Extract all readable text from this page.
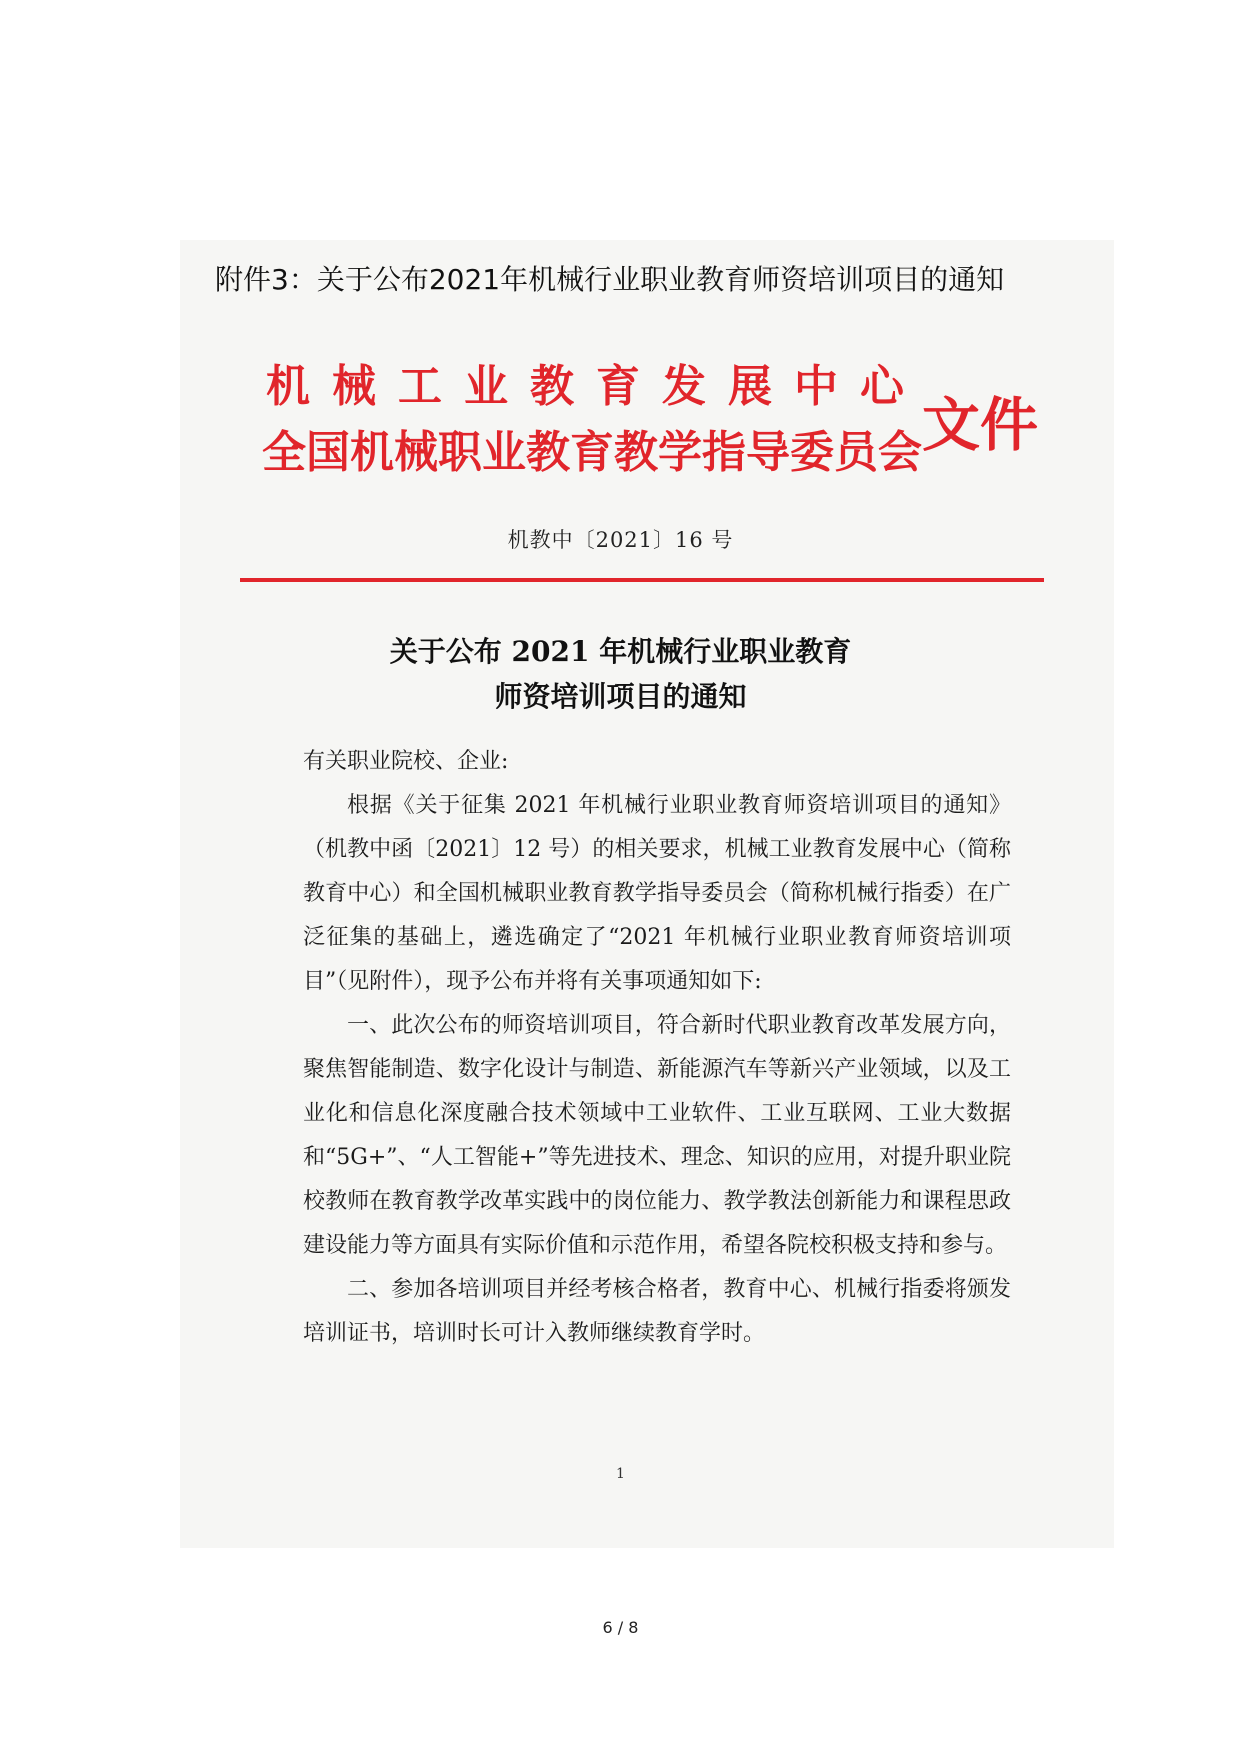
附件3：关于公布2021年机械行业职业教育师资培训项目的通知
机械工业教育发展中心
全国机械职业教育教学指导委员会 文件
机教中〔2021〕16 号
关于公布 2021 年机械行业职业教育
师资培训项目的通知

有关职业院校、企业:

根据《关于征集 2021 年机械行业职业教育师资培训项目的通知》（机教中函〔2021〕12 号）的相关要求，机械工业教育发展中心（简称教育中心）和全国机械职业教育教学指导委员会（简称机械行指委）在广泛征集的基础上，遴选确定了“2021 年机械行业职业教育师资培训项目”（见附件），现予公布并将有关事项通知如下:

一、此次公布的师资培训项目，符合新时代职业教育改革发展方向，聚焦智能制造、数字化设计与制造、新能源汽车等新兴产业领域，以及工业化和信息化深度融合技术领域中工业软件、工业互联网、工业大数据和“5G+”、“人工智能+”等先进技术、理念、知识的应用，对提升职业院校教师在教育教学改革实践中的岗位能力、教学教法创新能力和课程思政建设能力等方面具有实际价值和示范作用，希望各院校积极支持和参与。

二、参加各培训项目并经考核合格者，教育中心、机械行指委将颁发培训证书，培训时长可计入教师继续教育学时。

1
6 / 8
